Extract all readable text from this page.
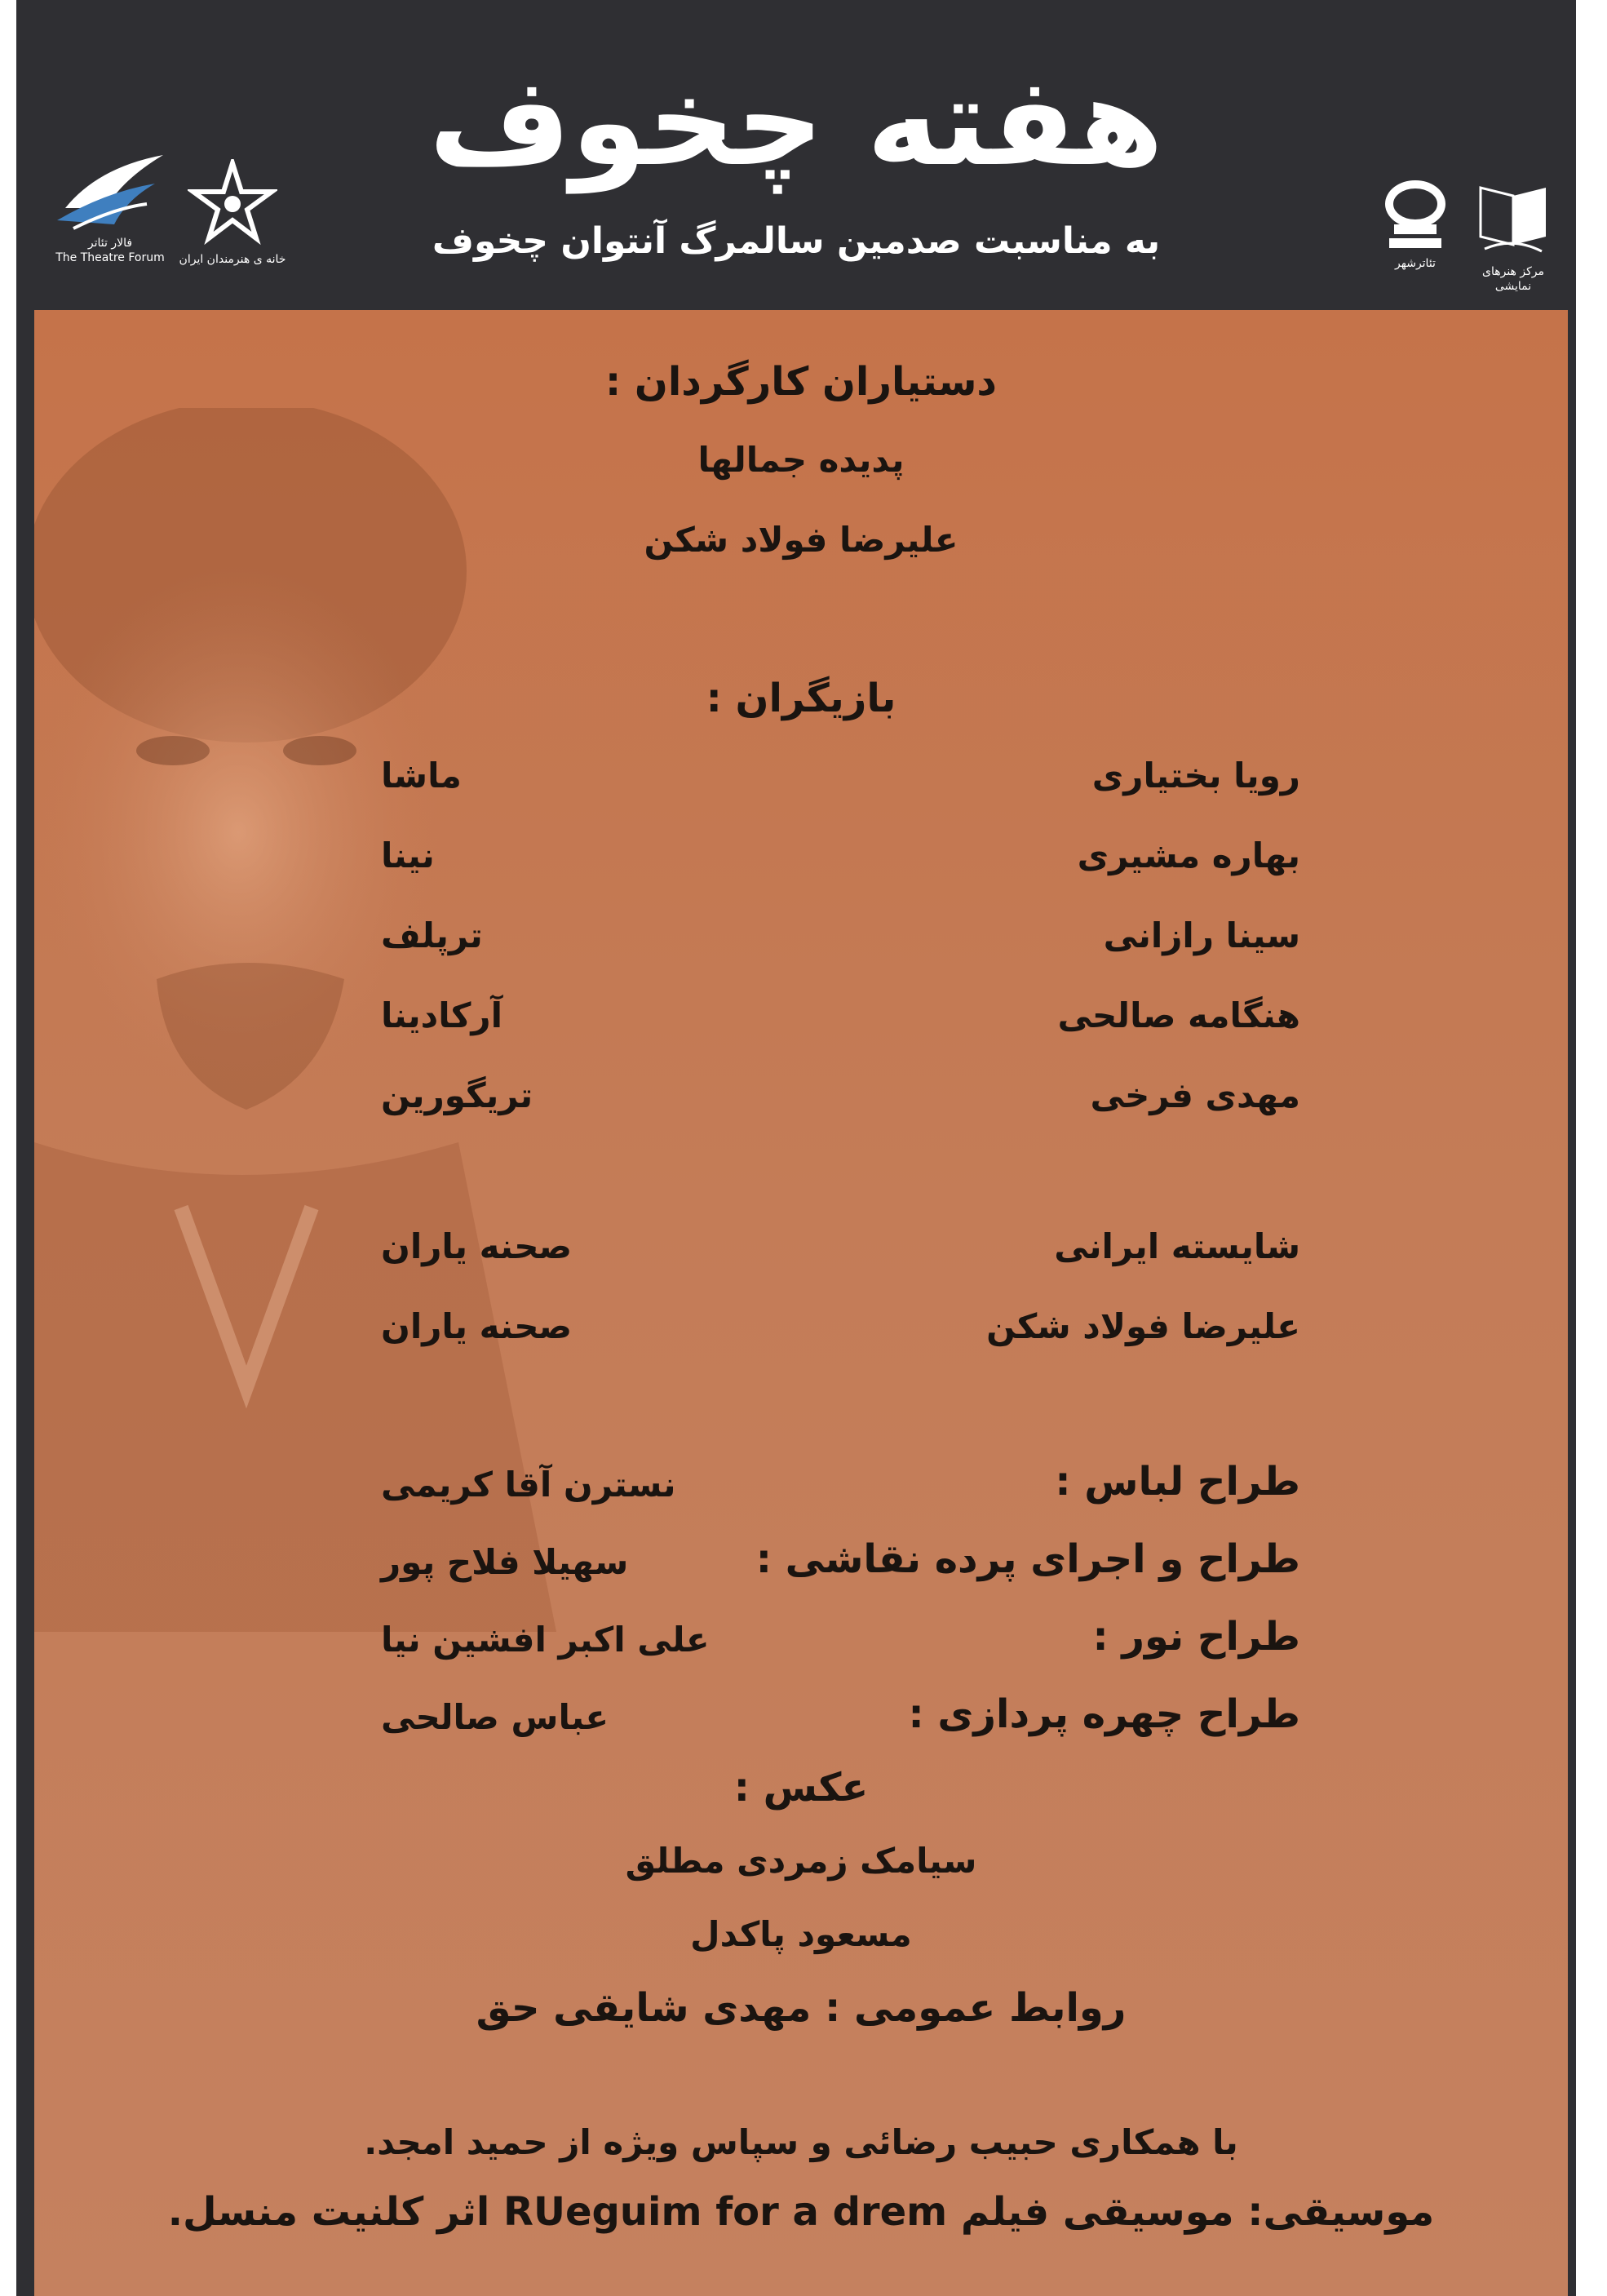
هفته چخوف
به مناسبت صدمین سالمرگ آنتوان چخوف
فالار تئاتر
The Theatre Forum	خانه ی هنرمندان ایران	تئاترشهر
مرکز هنرهای نمایشی
دستیاران کارگردان :
پدیده جمالها
علیرضا فولاد شکن
بازیگران :
رویا بختیاری
ماشا
بهاره مشیری
نینا
سینا رازانی
ترپلف
هنگامه صالحی
آرکادینا
مهدی فرخی
تریگورین
شایسته ایرانی
صحنه یاران
علیرضا فولاد شکن
صحنه یاران
طراح لباس :
نسترن آقا کریمی
طراح و اجرای پرده نقاشی :
سهیلا فلاح پور
طراح نور :
علی اکبر افشین نیا
طراح چهره پردازی :
عباس صالحی
عکس :
سیامک زمردی مطلق
مسعود پاکدل
روابط عمومی : مهدی شایقی حق
با همکاری حبیب رضائی و سپاس ویژه از حمید امجد.
موسیقی: موسیقی فیلم RUeguim for a drem اثر کلنیت منسل.
